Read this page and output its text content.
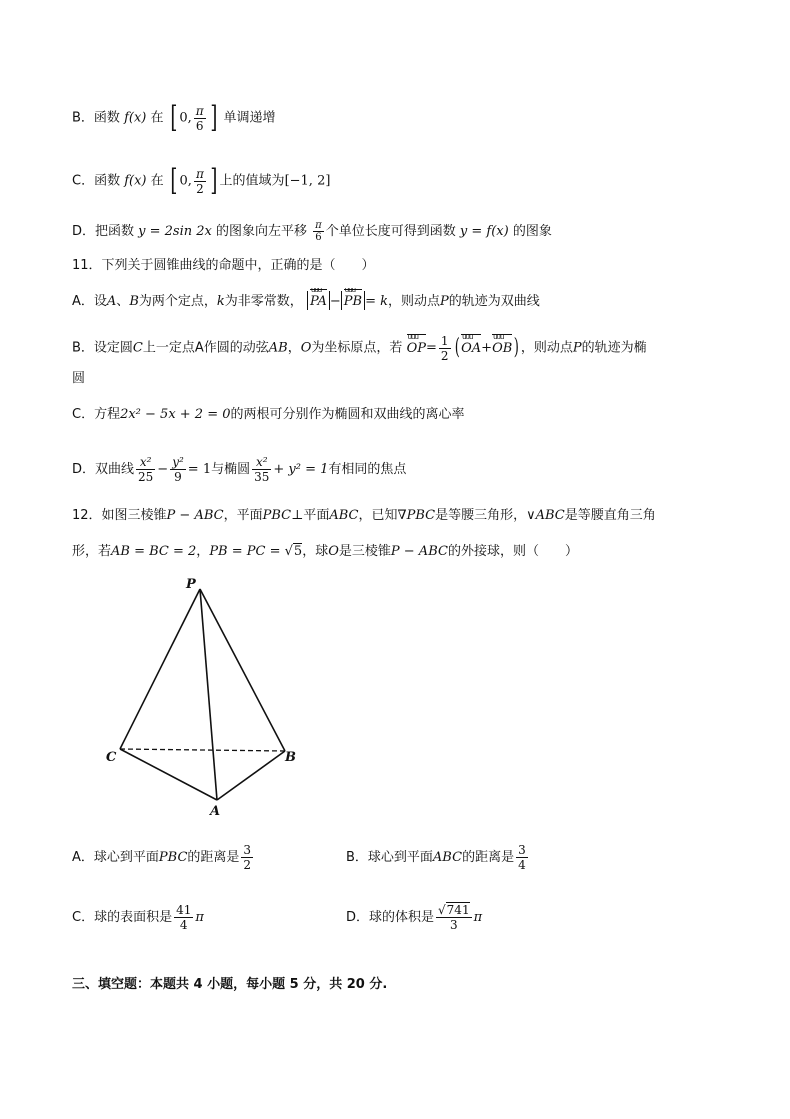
B．函数 f(x) 在 [ 0, $\frac{\pi}{6}$ ] 单调递增
C．函数 f(x) 在 [ 0, $\frac{\pi}{2}$ ] 上的值域为[−1, 2]
D．把函数 y = 2sin 2x 的图象向左平移 $\frac{\pi}{6}$ 个单位长度可得到函数 y = f(x) 的图象
11．下列关于圆锥曲线的命题中，正确的是（　　）
A．设A、B为两个定点，k为非零常数， PA uuu − PB uuu = k，则动点P的轨迹为双曲线
B．设定圆C上一定点A作圆的动弦AB，O为坐标原点，若 OP $uuu= \frac{1}{2}$ ( OA uuu+OB uuu) ，则动点P的轨迹为椭
圆
C．方程2x² − 5x + 2 = 0的两根可分别作为椭圆和双曲线的离心率
D．双曲线 $\frac{\text{x²}}{25} - \frac{\text{y²}}{9} = 1$与椭圆 $\frac{\text{x²}}{35} + y^2 = 1$有相同的焦点
12．如图三棱锥P − ABC，平面PBC⊥平面ABC，已知∇PBC是等腰三角形，∨ABC是等腰直角三角
形，若AB = BC = 2，PB = PC = √5，球O是三棱锥P − ABC的外接球，则（　　）
P
C	B
A
A．球心到平面PBC的距离是 $\frac{3}{2}$	B．球心到平面ABC的距离是 $\frac{3}{4}$
C．球的表面积是 $\frac{41}{4}$ π	D．球的体积是 $\frac{√741}{3}$ π
三、填空题：本题共 4 小题，每小题 5 分，共 20 分.
